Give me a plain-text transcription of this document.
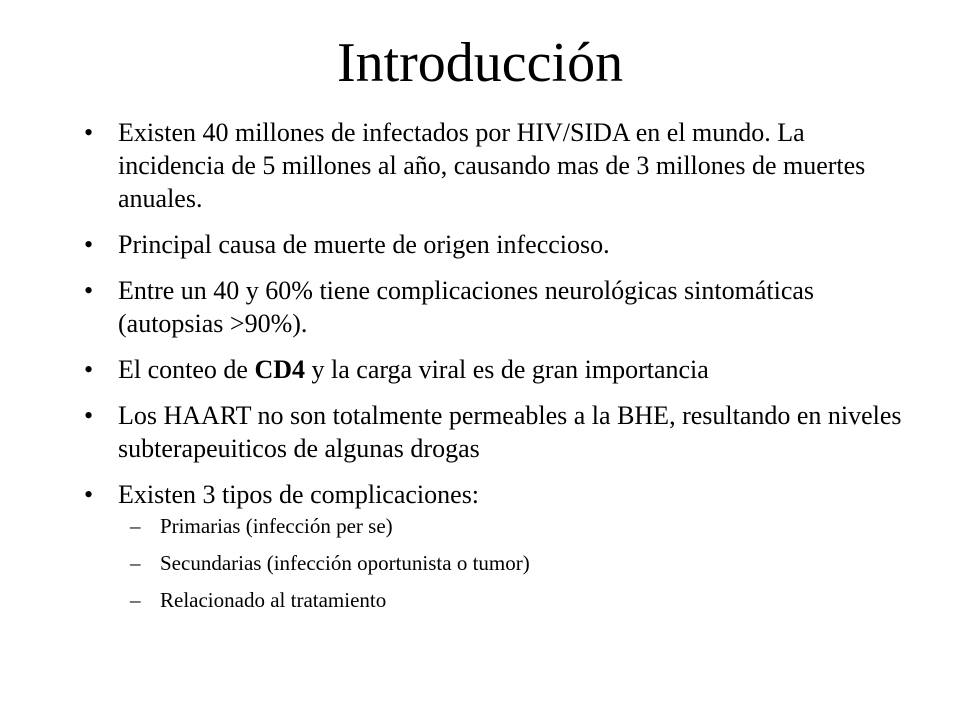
Introducción
• Existen 40 millones de infectados por HIV/SIDA en el mundo. La incidencia de 5 millones al año, causando mas de 3 millones de muertes anuales.
• Principal causa de muerte de origen infeccioso.
• Entre un 40 y 60% tiene complicaciones neurológicas sintomáticas (autopsias >90%).
• El conteo de CD4 y la carga viral es de gran importancia
• Los HAART no son totalmente permeables a la BHE, resultando en niveles subterapeuiticos de algunas drogas
• Existen 3 tipos de complicaciones:
– Primarias (infección per se)
– Secundarias (infección oportunista o tumor)
– Relacionado al tratamiento
